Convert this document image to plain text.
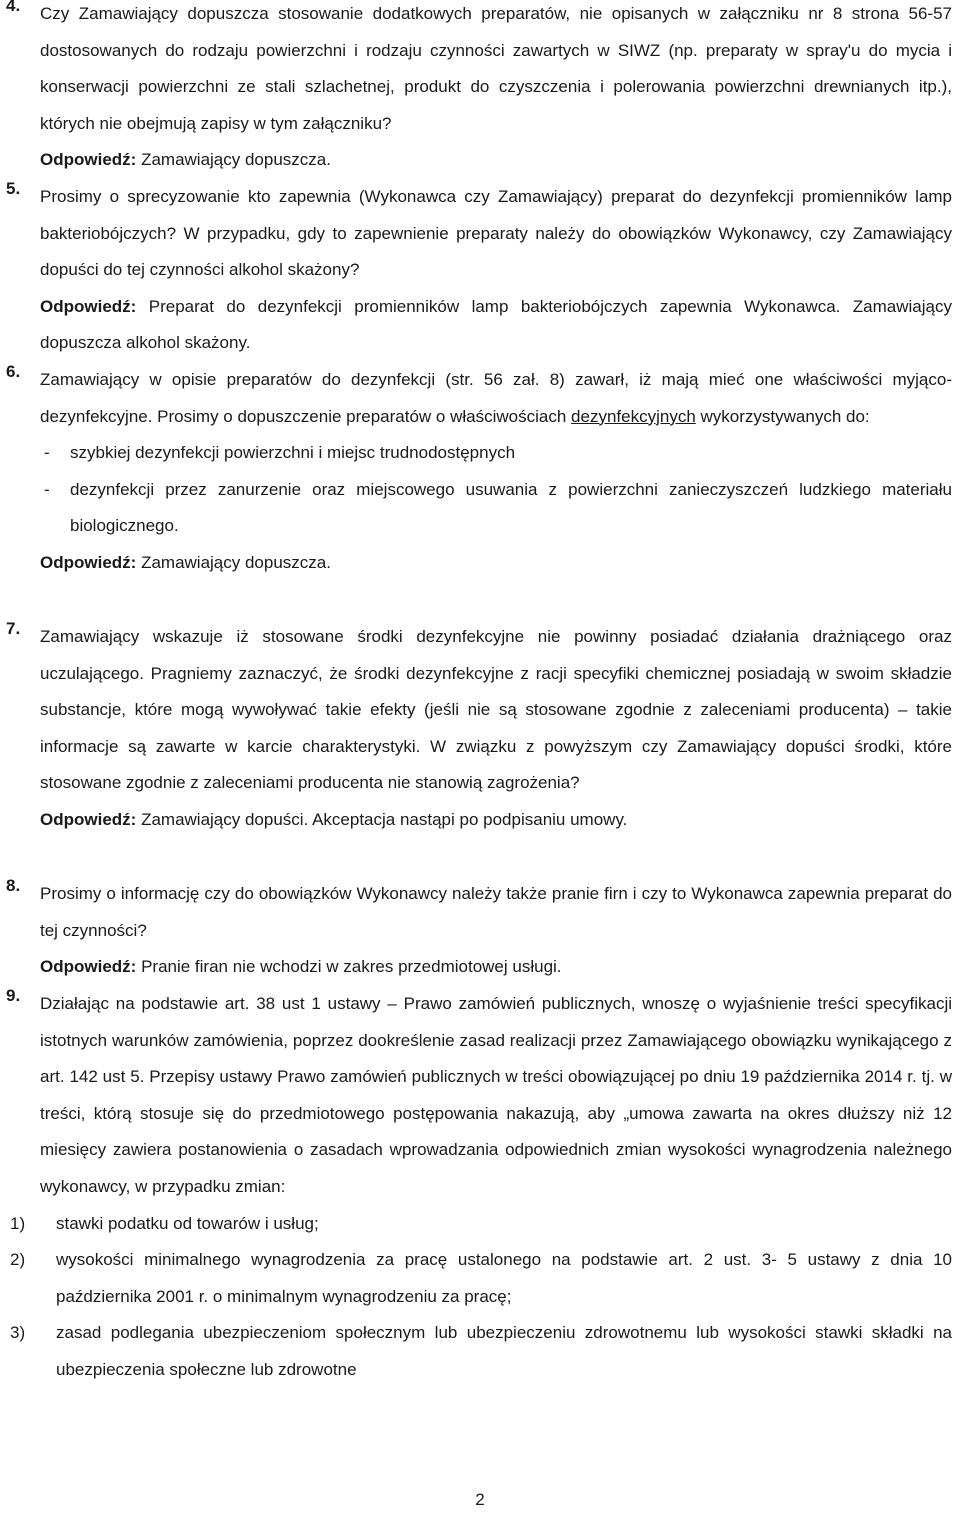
4. Czy Zamawiający dopuszcza stosowanie dodatkowych preparatów, nie opisanych w załączniku nr 8 strona 56-57 dostosowanych do rodzaju powierzchni i rodzaju czynności zawartych w SIWZ (np. preparaty w spray'u do mycia i konserwacji powierzchni ze stali szlachetnej, produkt do czyszczenia i polerowania powierzchni drewnianych itp.), których nie obejmują zapisy w tym załączniku?

Odpowiedź: Zamawiający dopuszcza.

5. Prosimy o sprecyzowanie kto zapewnia (Wykonawca czy Zamawiający) preparat do dezynfekcji promienników lamp bakteriobójczych? W przypadku, gdy to zapewnienie preparaty należy do obowiązków Wykonawcy, czy Zamawiający dopuści do tej czynności alkohol skażony?

Odpowiedź: Preparat do dezynfekcji promienników lamp bakteriobójczych zapewnia Wykonawca. Zamawiający dopuszcza alkohol skażony.

6. Zamawiający w opisie preparatów do dezynfekcji (str. 56 zał. 8) zawarł, iż mają mieć one właściwości myjąco-dezynfekcyjne. Prosimy o dopuszczenie preparatów o właściwościach dezynfekcyjnych wykorzystywanych do:

- szybkiej dezynfekcji powierzchni i miejsc trudnodostępnych
- dezynfekcji przez zanurzenie oraz miejscowego usuwania z powierzchni zanieczyszczeń ludzkiego materiału biologicznego.

Odpowiedź: Zamawiający dopuszcza.

7. Zamawiający wskazuje iż stosowane środki dezynfekcyjne nie powinny posiadać działania drażniącego oraz uczulającego. Pragniemy zaznaczyć, że środki dezynfekcyjne z racji specyfiki chemicznej posiadają w swoim składzie substancje, które mogą wywoływać takie efekty (jeśli nie są stosowane zgodnie z zaleceniami producenta) – takie informacje są zawarte w karcie charakterystyki. W związku z powyższym czy Zamawiający dopuści środki, które stosowane zgodnie z zaleceniami producenta nie stanowią zagrożenia?

Odpowiedź: Zamawiający dopuści. Akceptacja nastąpi po podpisaniu umowy.

8. Prosimy o informację czy do obowiązków Wykonawcy należy także pranie firn i czy to Wykonawca zapewnia preparat do tej czynności?

Odpowiedź: Pranie firan nie wchodzi w zakres przedmiotowej usługi.

9. Działając na podstawie art. 38 ust 1 ustawy – Prawo zamówień publicznych, wnoszę o wyjaśnienie treści specyfikacji istotnych warunków zamówienia, poprzez dookreślenie zasad realizacji przez Zamawiającego obowiązku wynikającego z art. 142 ust 5. Przepisy ustawy Prawo zamówień publicznych w treści obowiązującej po dniu 19 października 2014 r. tj. w treści, którą stosuje się do przedmiotowego postępowania nakazują, aby „umowa zawarta na okres dłuższy niż 12 miesięcy zawiera postanowienia o zasadach wprowadzania odpowiednich zmian wysokości wynagrodzenia należnego wykonawcy, w przypadku zmian:

1) stawki podatku od towarów i usług;
2) wysokości minimalnego wynagrodzenia za pracę ustalonego na podstawie art. 2 ust. 3- 5 ustawy z dnia 10 października 2001 r. o minimalnym wynagrodzeniu za pracę;
3) zasad podlegania ubezpieczeniom społecznym lub ubezpieczeniu zdrowotnemu lub wysokości stawki składki na ubezpieczenia społeczne lub zdrowotne
2
